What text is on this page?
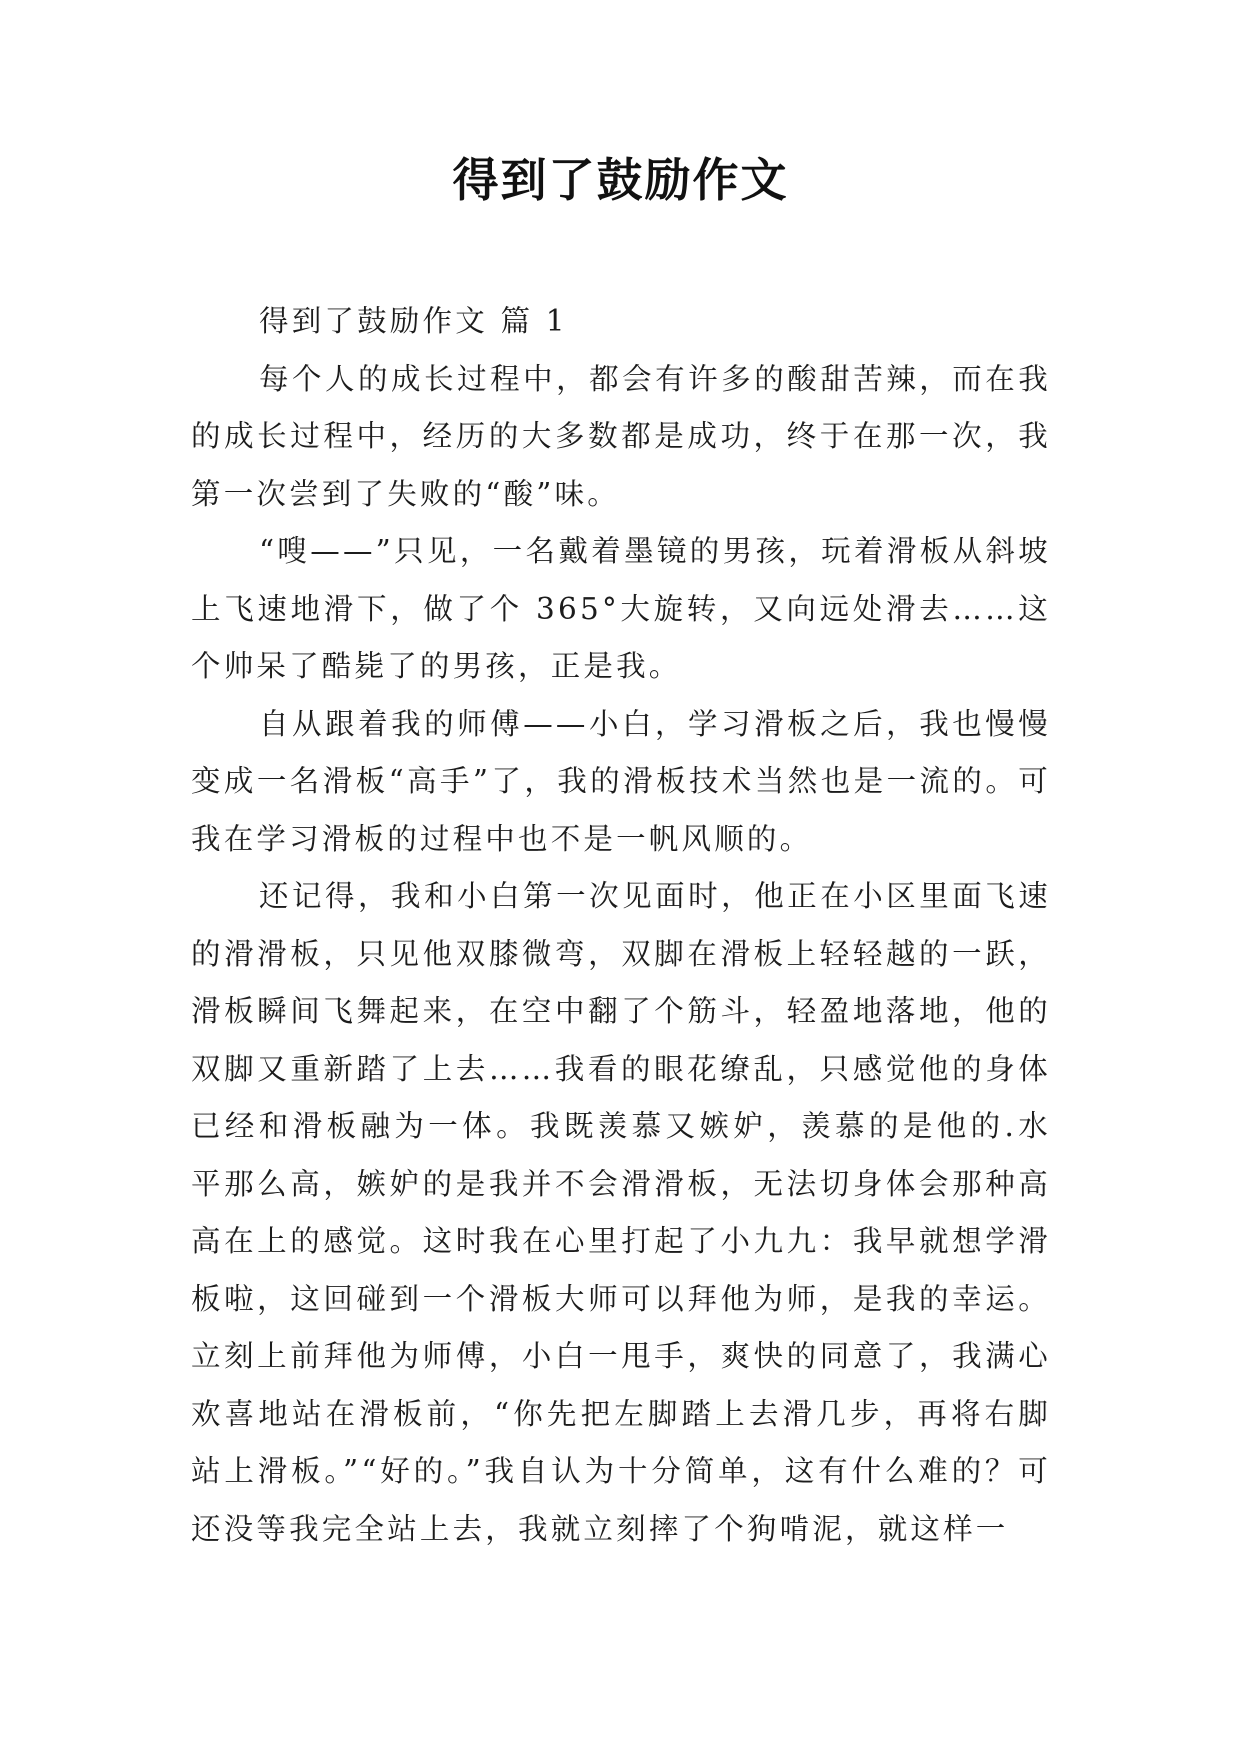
得到了鼓励作文

得到了鼓励作文 篇 1

每个人的成长过程中，都会有许多的酸甜苦辣，而在我的成长过程中，经历的大多数都是成功，终于在那一次，我第一次尝到了失败的“酸”味。

“嗖——”只见，一名戴着墨镜的男孩，玩着滑板从斜坡上飞速地滑下，做了个 365°大旋转，又向远处滑去……这个帅呆了酷毙了的男孩，正是我。

自从跟着我的师傅——小白，学习滑板之后，我也慢慢变成一名滑板“高手”了，我的滑板技术当然也是一流的。可我在学习滑板的过程中也不是一帆风顺的。

还记得，我和小白第一次见面时，他正在小区里面飞速的滑滑板，只见他双膝微弯，双脚在滑板上轻轻越的一跃，滑板瞬间飞舞起来，在空中翻了个筋斗，轻盈地落地，他的双脚又重新踏了上去……我看的眼花缭乱，只感觉他的身体已经和滑板融为一体。我既羡慕又嫉妒，羡慕的是他的.水平那么高，嫉妒的是我并不会滑滑板，无法切身体会那种高高在上的感觉。这时我在心里打起了小九九：我早就想学滑板啦，这回碰到一个滑板大师可以拜他为师，是我的幸运。立刻上前拜他为师傅，小白一甩手，爽快的同意了，我满心欢喜地站在滑板前，“你先把左脚踏上去滑几步，再将右脚站上滑板。”“好的。”我自认为十分简单，这有什么难的？可还没等我完全站上去，我就立刻摔了个狗啃泥，就这样一
